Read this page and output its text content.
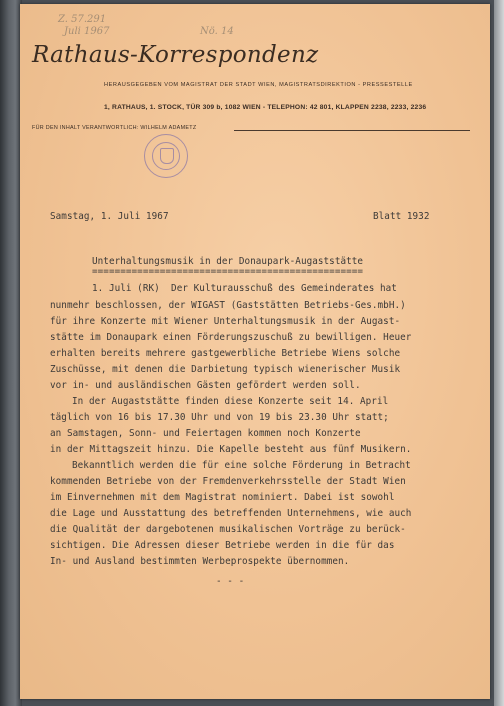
Z. 57.291
Juli 1967	Nö. 14
Rathaus-Korrespondenz
HERAUSGEGEBEN VOM MAGISTRAT DER STADT WIEN, MAGISTRATSDIREKTION - PRESSESTELLE
1, RATHAUS, 1. STOCK, TÜR 309 b, 1082 WIEN - TELEPHON: 42 801, KLAPPEN 2238, 2233, 2236
FÜR DEN INHALT VERANTWORTLICH: WILHELM ADAMETZ
Samstag, 1. Juli 1967	Blatt 1932
Unterhaltungsmusik in der Donaupark-Augaststätte
================================================
1. Juli (RK)  Der Kulturausschuß des Gemeinderates hat
nunmehr beschlossen, der WIGAST (Gaststätten Betriebs-Ges.mbH.)
für ihre Konzerte mit Wiener Unterhaltungsmusik in der Augast-
stätte im Donaupark einen Förderungszuschuß zu bewilligen. Heuer
erhalten bereits mehrere gastgewerbliche Betriebe Wiens solche
Zuschüsse, mit denen die Darbietung typisch wienerischer Musik
vor in- und ausländischen Gästen gefördert werden soll.
In der Augaststätte finden diese Konzerte seit 14. April
täglich von 16 bis 17.30 Uhr und von 19 bis 23.30 Uhr statt;
an Samstagen, Sonn- und Feiertagen kommen noch Konzerte
in der Mittagszeit hinzu. Die Kapelle besteht aus fünf Musikern.
Bekanntlich werden die für eine solche Förderung in Betracht
kommenden Betriebe von der Fremdenverkehrsstelle der Stadt Wien
im Einvernehmen mit dem Magistrat nominiert. Dabei ist sowohl
die Lage und Ausstattung des betreffenden Unternehmens, wie auch
die Qualität der dargebotenen musikalischen Vorträge zu berück-
sichtigen. Die Adressen dieser Betriebe werden in die für das
In- und Ausland bestimmten Werbeprospekte übernommen.
- - -
